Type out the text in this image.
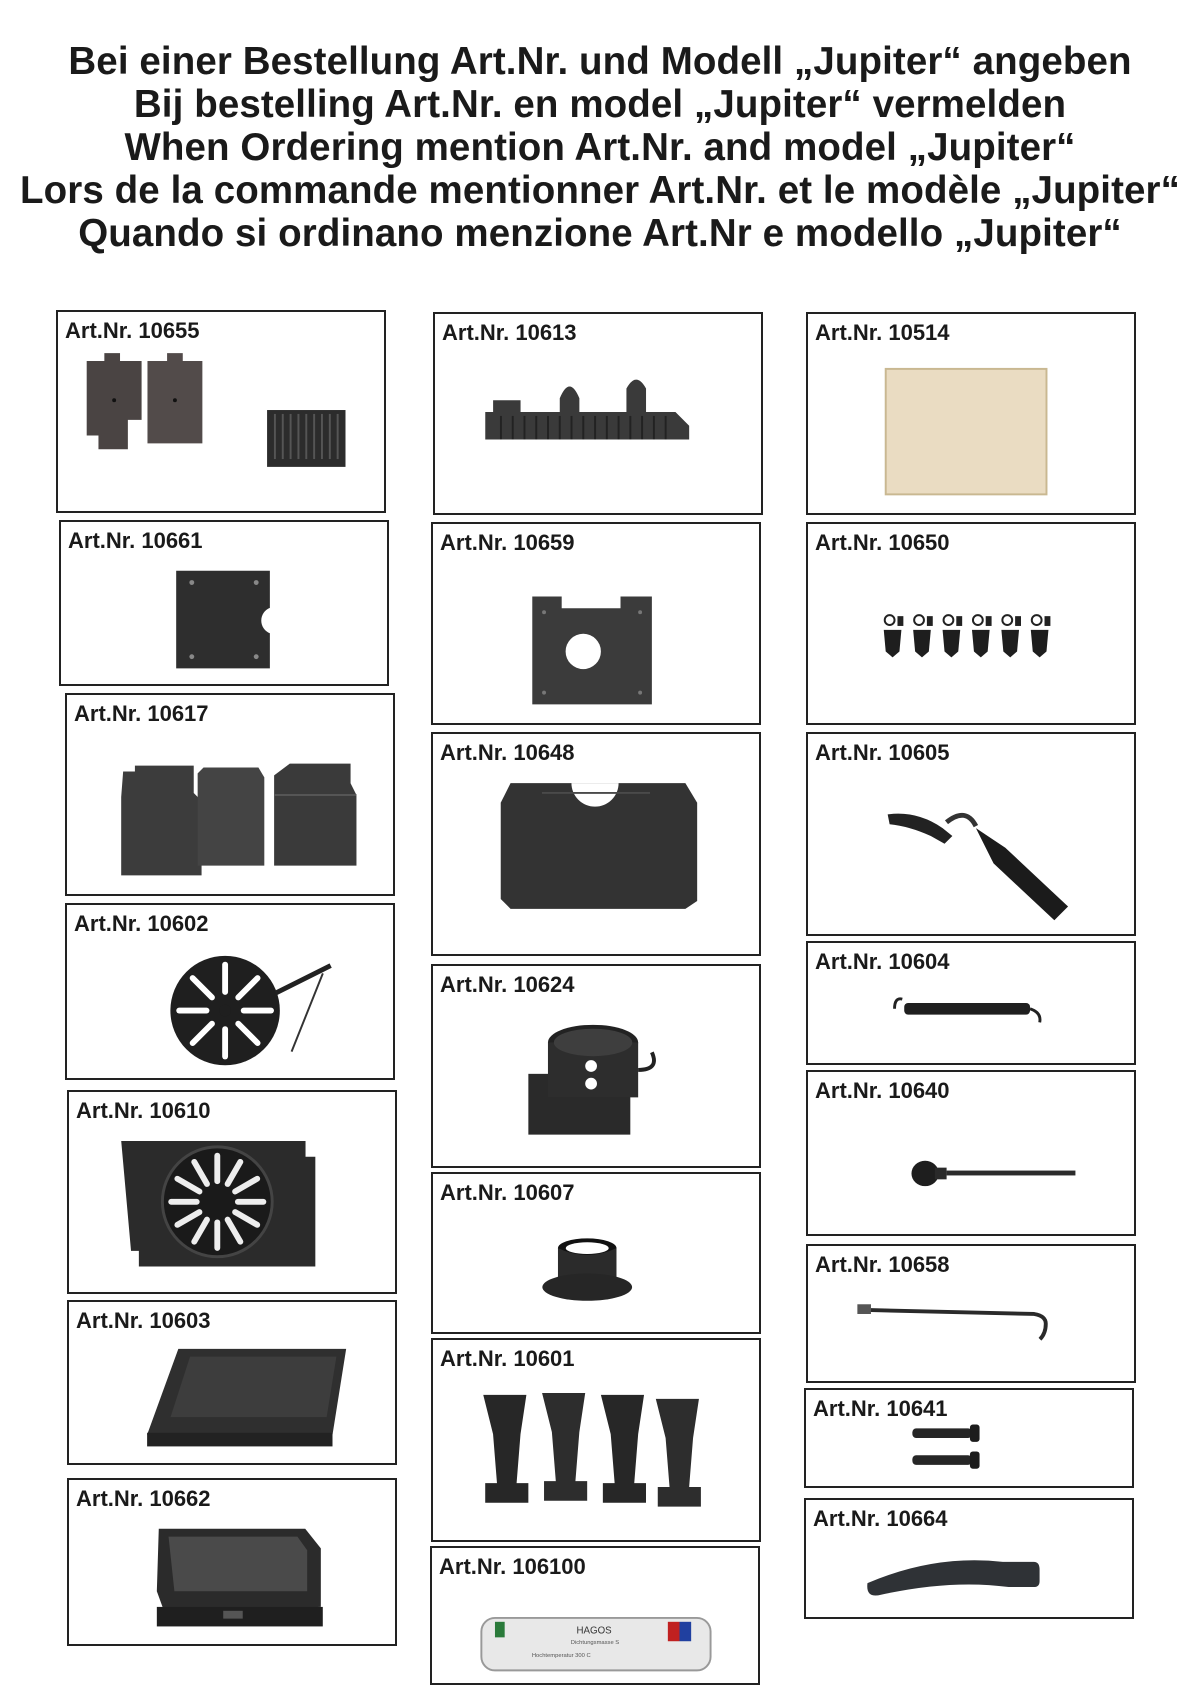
Bei einer Bestellung Art.Nr. und Modell „Jupiter“ angeben
Bij bestelling Art.Nr. en model „Jupiter“ vermelden
When Ordering mention Art.Nr. and model „Jupiter“
Lors de la commande mentionner Art.Nr. et le modèle „Jupiter“
Quando si ordinano menzione Art.Nr e modello „Jupiter“
Art.Nr. 10655
Art.Nr. 10661
Art.Nr. 10617
Art.Nr. 10602
Art.Nr. 10610
Art.Nr. 10603
Art.Nr. 10662
Art.Nr. 10613
Art.Nr. 10659
Art.Nr. 10648
Art.Nr. 10624
Art.Nr. 10607
Art.Nr. 10601
Art.Nr. 106100
HAGOS
Dichtungsmasse S
Hochtemperatur 300 C
Art.Nr. 10514
Art.Nr. 10650
Art.Nr. 10605
Art.Nr. 10604
Art.Nr. 10640
Art.Nr. 10658
Art.Nr. 10641
Art.Nr. 10664
